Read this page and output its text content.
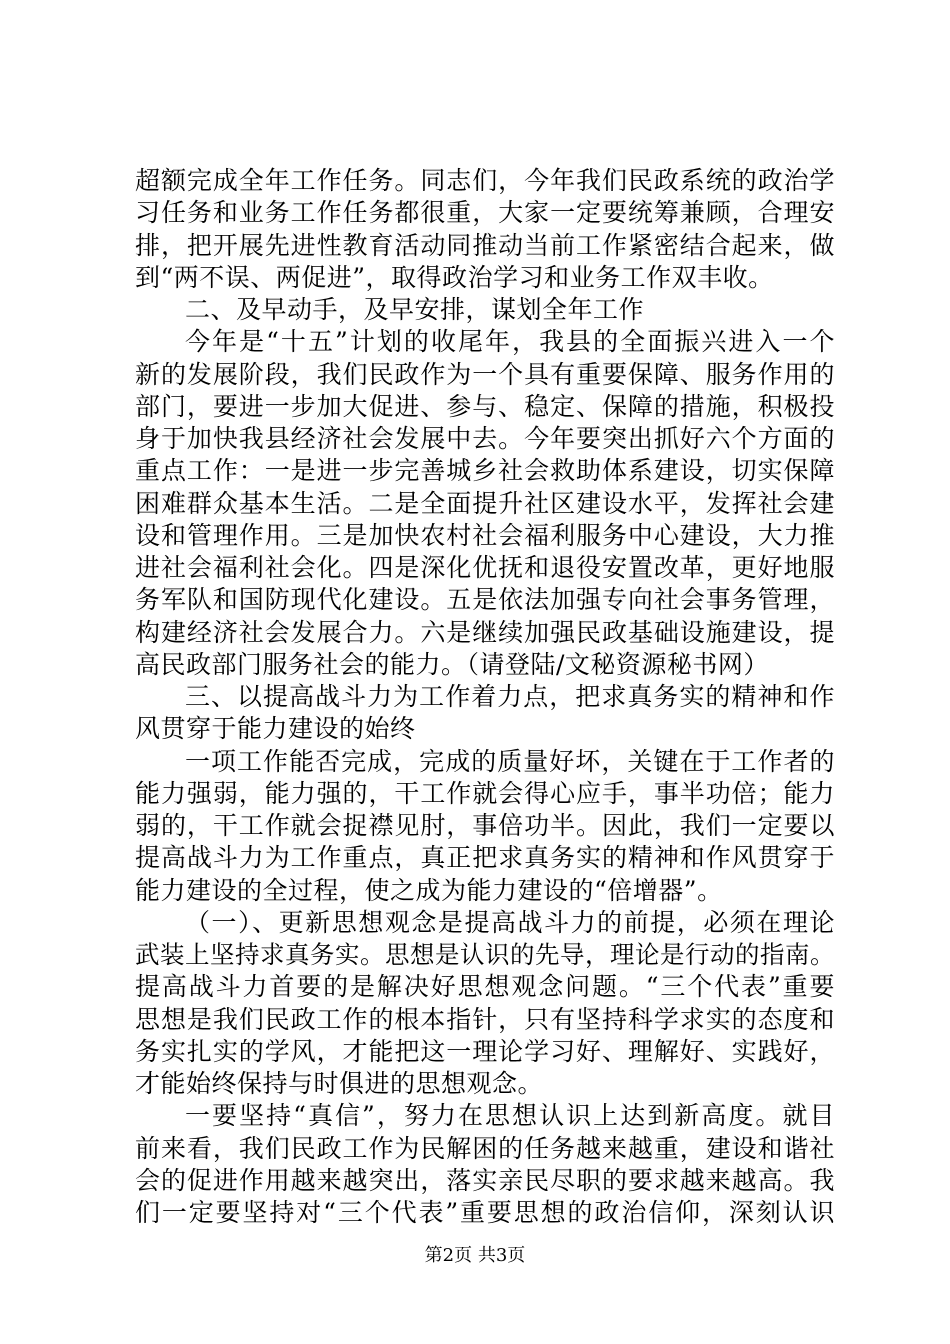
超额完成全年工作任务。同志们，今年我们民政系统的政治学
习任务和业务工作任务都很重，大家一定要统筹兼顾，合理安
排，把开展先进性教育活动同推动当前工作紧密结合起来，做
到“两不误、两促进”，取得政治学习和业务工作双丰收。
二、及早动手，及早安排，谋划全年工作
今年是“十五”计划的收尾年，我县的全面振兴进入一个
新的发展阶段，我们民政作为一个具有重要保障、服务作用的
部门，要进一步加大促进、参与、稳定、保障的措施，积极投
身于加快我县经济社会发展中去。今年要突出抓好六个方面的
重点工作：一是进一步完善城乡社会救助体系建设，切实保障
困难群众基本生活。二是全面提升社区建设水平，发挥社会建
设和管理作用。三是加快农村社会福利服务中心建设，大力推
进社会福利社会化。四是深化优抚和退役安置改革，更好地服
务军队和国防现代化建设。五是依法加强专向社会事务管理，
构建经济社会发展合力。六是继续加强民政基础设施建设，提
高民政部门服务社会的能力。（请登陆/文秘资源秘书网）
三、以提高战斗力为工作着力点，把求真务实的精神和作
风贯穿于能力建设的始终
一项工作能否完成，完成的质量好坏，关键在于工作者的
能力强弱，能力强的，干工作就会得心应手，事半功倍；能力
弱的，干工作就会捉襟见肘，事倍功半。因此，我们一定要以
提高战斗力为工作重点，真正把求真务实的精神和作风贯穿于
能力建设的全过程，使之成为能力建设的“倍增器”。
（一）、更新思想观念是提高战斗力的前提，必须在理论
武装上坚持求真务实。思想是认识的先导，理论是行动的指南。
提高战斗力首要的是解决好思想观念问题。“三个代表”重要
思想是我们民政工作的根本指针，只有坚持科学求实的态度和
务实扎实的学风，才能把这一理论学习好、理解好、实践好，
才能始终保持与时俱进的思想观念。
一要坚持“真信”，努力在思想认识上达到新高度。就目
前来看，我们民政工作为民解困的任务越来越重，建设和谐社
会的促进作用越来越突出，落实亲民尽职的要求越来越高。我
们一定要坚持对“三个代表”重要思想的政治信仰，深刻认识
第2页 共3页
